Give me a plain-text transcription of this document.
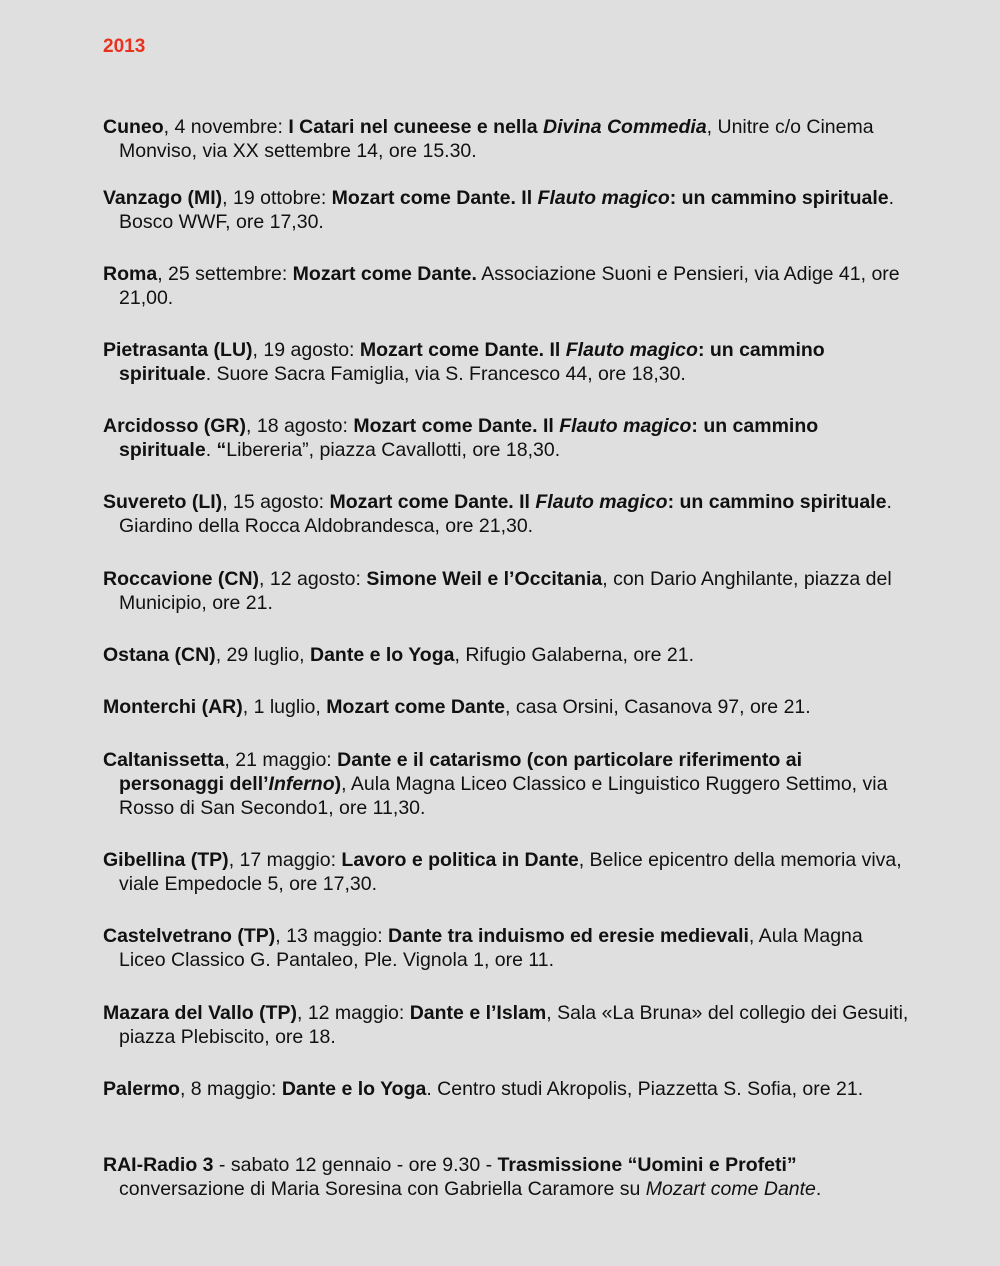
2013
Cuneo, 4 novembre: I Catari nel cuneese e nella Divina Commedia, Unitre c/o Cinema Monviso, via XX settembre 14, ore 15.30.
Vanzago (MI), 19 ottobre: Mozart come Dante. Il Flauto magico: un cammino spirituale. Bosco WWF, ore 17,30.
Roma, 25 settembre: Mozart come Dante. Associazione Suoni e Pensieri, via Adige 41, ore 21,00.
Pietrasanta (LU), 19 agosto: Mozart come Dante. Il Flauto magico: un cammino spirituale. Suore Sacra Famiglia, via S. Francesco 44, ore 18,30.
Arcidosso (GR), 18 agosto: Mozart come Dante. Il Flauto magico: un cammino spirituale. “Libereria”, piazza Cavallotti, ore 18,30.
Suvereto (LI), 15 agosto: Mozart come Dante. Il Flauto magico: un cammino spirituale. Giardino della Rocca Aldobrandesca, ore 21,30.
Roccavione (CN), 12 agosto: Simone Weil e l’Occitania, con Dario Anghilante, piazza del Municipio, ore 21.
Ostana (CN), 29 luglio, Dante e lo Yoga, Rifugio Galaberna, ore 21.
Monterchi (AR), 1 luglio, Mozart come Dante, casa Orsini, Casanova 97, ore 21.
Caltanissetta, 21 maggio: Dante e il catarismo (con particolare riferimento ai personaggi dell’Inferno), Aula Magna Liceo Classico e Linguistico Ruggero Settimo, via Rosso di San Secondo1, ore 11,30.
Gibellina (TP), 17 maggio: Lavoro e politica in Dante, Belice epicentro della memoria viva, viale Empedocle 5, ore 17,30.
Castelvetrano (TP), 13 maggio: Dante tra induismo ed eresie medievali, Aula Magna Liceo Classico G. Pantaleo, Ple. Vignola 1, ore 11.
Mazara del Vallo (TP), 12 maggio: Dante e l’Islam, Sala «La Bruna» del collegio dei Gesuiti, piazza Plebiscito, ore 18.
Palermo, 8 maggio: Dante e lo Yoga. Centro studi Akropolis, Piazzetta S. Sofia, ore 21.
RAI-Radio 3 - sabato 12 gennaio - ore 9.30 - Trasmissione “Uomini e Profeti” conversazione di Maria Soresina con Gabriella Caramore su Mozart come Dante.
